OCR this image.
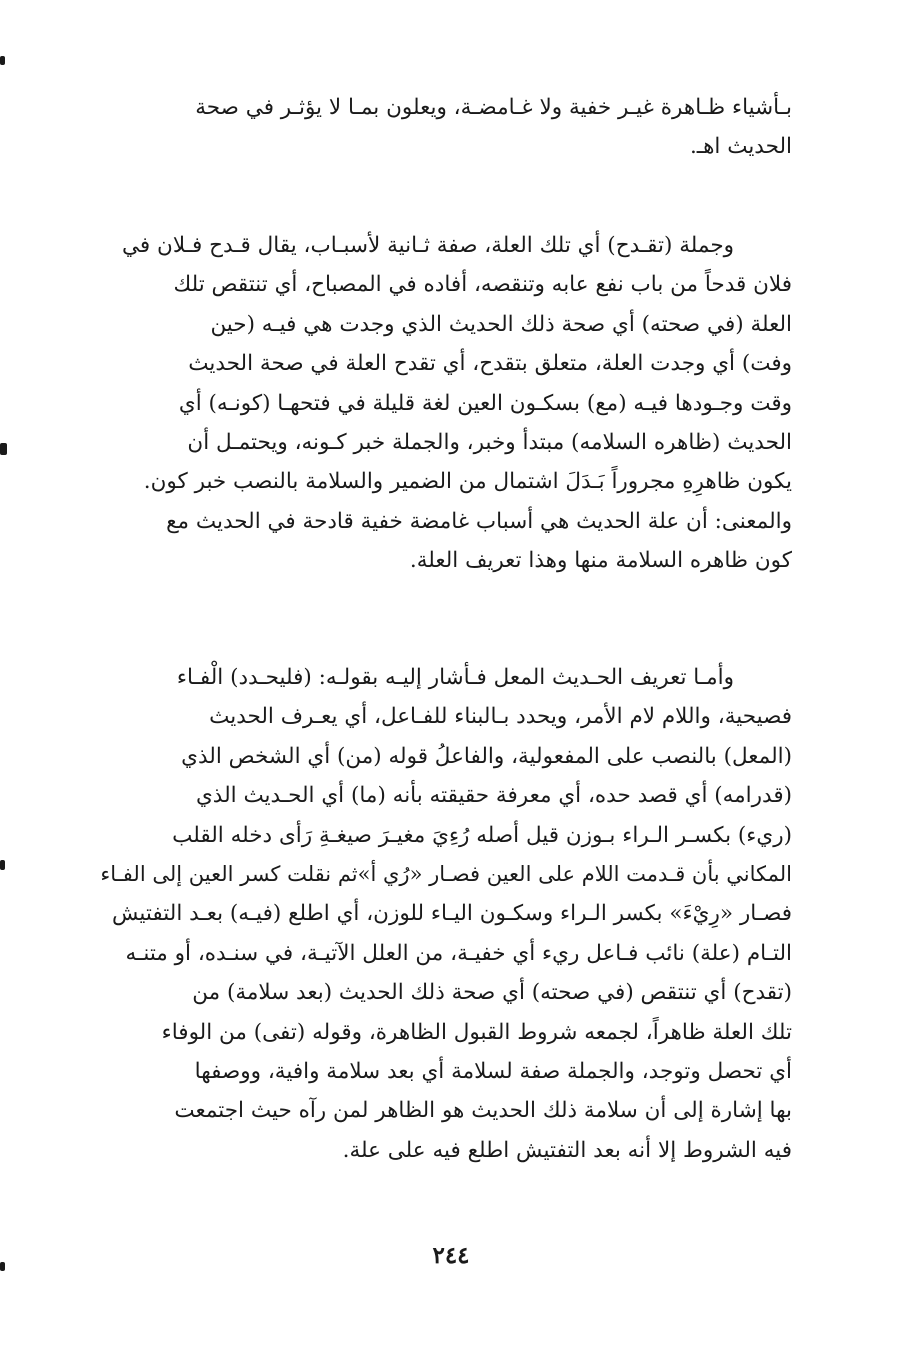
بـأشياء ظـاهرة غيـر خفية ولا غـامضـة، ويعلون بمـا لا يؤثـر في صحة
الحديث اهـ.
وجملة (تقـدح) أي تلك العلة، صفة ثـانية لأسبـاب، يقال قـدح فـلان في
فلان قدحاً من باب نفع عابه وتنقصه، أفاده في المصباح، أي تنتقص تلك
العلة (في صحته) أي صحة ذلك الحديث الذي وجدت هي فيـه (حين
وفت) أي وجدت العلة، متعلق بتقدح، أي تقدح العلة في صحة الحديث
وقت وجـودها فيـه (مع) بسكـون العين لغة قليلة في فتحهـا (كونـه) أي
الحديث (ظاهره السلامه) مبتدأ وخبر، والجملة خبر كـونه، ويحتمـل أن
يكون ظاهرِهِ مجروراً بَـدَلَ اشتمال من الضمير والسلامة بالنصب خبر كون.
والمعنى: أن علة الحديث هي أسباب غامضة خفية قادحة في الحديث مع
كون ظاهره السلامة منها وهذا تعريف العلة.
وأمـا تعريف الحـديث المعل فـأشار إليـه بقولـه: (فليحـدد) الْفـاء
فصيحية، واللام لام الأمر، ويحدد بـالبناء للفـاعل، أي يعـرف الحديث
(المعل) بالنصب على المفعولية، والفاعلُ قوله (من) أي الشخص الذي
(قدرامه) أي قصد حده، أي معرفة حقيقته بأنه (ما) أي الحـديث الذي
(ريء) بكسـر الـراء بـوزن قيل أصله رُءِيَ مغيـرَ صيغـةِ رَأى دخله القلب
المكاني بأن قـدمت اللام على العين فصـار «رُي أ»ثم نقلت كسر العين إلى الفـاء
فصـار «رِيْءَ» بكسر الـراء وسكـون اليـاء للوزن، أي اطلع (فيـه) بعـد التفتيش
التـام (علة) نائب فـاعل ريء أي خفيـة، من العلل الآتيـة، في سنـده، أو متنـه
(تقدح) أي تنتقص (في صحته) أي صحة ذلك الحديث (بعد سلامة) من
تلك العلة ظاهراً، لجمعه شروط القبول الظاهرة، وقوله (تفى) من الوفاء
أي تحصل وتوجد، والجملة صفة لسلامة أي بعد سلامة وافية، ووصفها
بها إشارة إلى أن سلامة ذلك الحديث هو الظاهر لمن رآه حيث اجتمعت
فيه الشروط إلا أنه بعد التفتيش اطلع فيه على علة.
٢٤٤
